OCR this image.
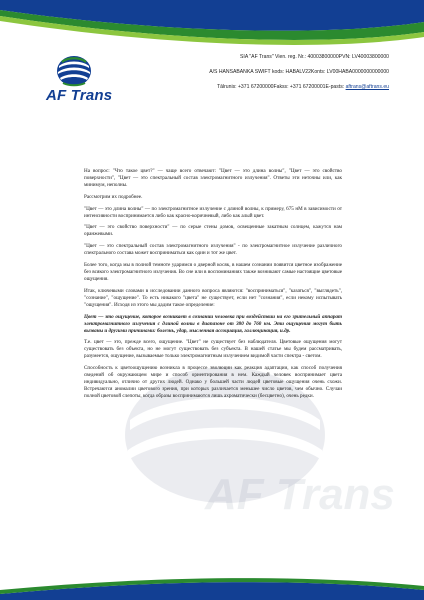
AF Trans
SIA "AF Trans" Vien. reg. Nr.: 40003800000PVN: LV40003800000
A/S HANSABANKA SWIFT kods: HABALV22Konts: LV00HABA0000000000000
Tālrunis: +371 67200000Fakss: +371 67200001E-pasts: aftrans@aftrans.eu
AF Trans

На вопрос: "Что такое цвет?" — чаще всего отвечают: "Цвет — это длина волны", "Цвет — это свойство поверхности", "Цвет — это спектральный состав электромагнитного излучения". Ответы эти неточны или, как минимум, неполны.

Рассмотрим их подробнее.

"Цвет — это длина волны" — по электромагнитное излучение с длиной волны, к примеру, 675 нМ в зависимости от интенсивности воспринимается либо как красно-коричневый, либо как алый цвет.

"Цвет — это свойство поверхности" — по серые стены домов, освещенные закатным солнцем, кажутся нам оранжевыми.

"Цвет — это спектральный состав электромагнитного излучения" - по электромагнитное излучение различного спектрального состава может восприниматься как один и тот же цвет.

Более того, когда мы в полной темноте ударимся о дверной косяк, в нашем сознании появится цветное изображение без всякого электромагнитного излучения. Во сне или в воспоминаниях также возникают самые настоящие цветовые ощущения.

Итак, ключевыми словами в исследовании данного вопроса являются: "восприниматься", "казаться", "выглядеть", "сознание", "ощущение". То есть никакого "цвета" не существует, если нет "сознания", если некому испытывать "ощущения". Исходя из этого мы дадим такое определение:

Цвет — это ощущение, которое возникает в сознании человека при воздействии на его зрительный аппарат электромагнитного излучения с длиной волны в диапазоне от 380 до 760 нм. Эти ощущения могут быть вызваны и другими причинами: болезнь, удар, мысленная ассоциация, галлюцинация, и.др.

Т.е. цвет — это, прежде всего, ощущение. "Цвет" не существует без наблюдателя. Цветовые ощущения могут существовать без объекта, но не могут существовать без субъекта. В нашей статье мы будем рассматривать, разумеется, ощущение, вызываемые только электромагнитным излучением видимой части спектра - светом.

Способность к цветоощущению возникла в процессе эволюции как реакция адаптации, как способ получения сведений об окружающем мире и способ ориентирования в нем. Каждый человек воспринимает цвета индивидуально, отлично от других людей. Однако у большей части людей цветовые ощущения очень схожи. Встречаются аномалии цветового зрения, при которых различается меньшее число цветов, чем обычно. Случаи полной цветовой слепоты, когда образы воспринимаются лишь ахроматически (бесцветно), очень редки.
